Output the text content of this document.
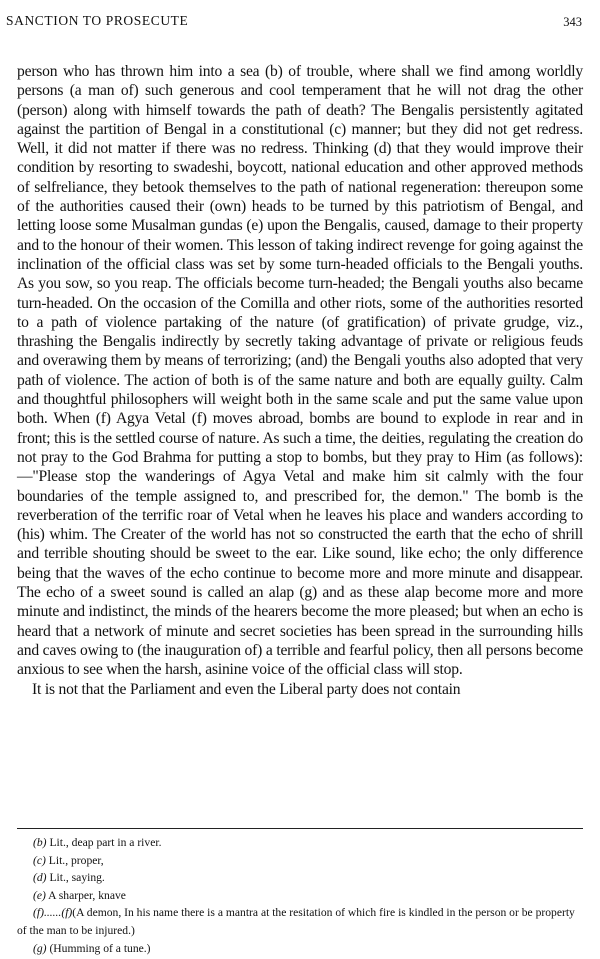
SANCTION TO PROSECUTE	343

person who has thrown him into a sea (b) of trouble, where shall we find among worldly persons (a man of) such generous and cool temperament that he will not drag the other (person) along with himself towards the path of death? The Bengalis persistently agitated against the partition of Bengal in a constitutional (c) manner; but they did not get redress. Well, it did not matter if there was no redress. Thinking (d) that they would improve their condition by resorting to swadeshi, boycott, national education and other approved methods of selfreliance, they betook themselves to the path of national regeneration: thereupon some of the authorities caused their (own) heads to be turned by this patriotism of Bengal, and letting loose some Musalman gundas (e) upon the Bengalis, caused, damage to their property and to the honour of their women. This lesson of taking indirect revenge for going against the inclination of the official class was set by some turn-headed officials to the Bengali youths. As you sow, so you reap. The officials become turn-headed; the Bengali youths also became turn-headed. On the occasion of the Comilla and other riots, some of the authorities resorted to a path of violence partaking of the nature (of gratification) of private grudge, viz., thrashing the Bengalis indirectly by secretly taking advantage of private or religious feuds and overawing them by means of terrorizing; (and) the Bengali youths also adopted that very path of violence. The action of both is of the same nature and both are equally guilty. Calm and thoughtful philosophers will weight both in the same scale and put the same value upon both. When (f) Agya Vetal (f) moves abroad, bombs are bound to explode in rear and in front; this is the settled course of nature. As such a time, the deities, regulating the creation do not pray to the God Brahma for putting a stop to bombs, but they pray to Him (as follows):—"Please stop the wanderings of Agya Vetal and make him sit calmly with the four boundaries of the temple assigned to, and prescribed for, the demon." The bomb is the reverberation of the terrific roar of Vetal when he leaves his place and wanders according to (his) whim. The Creater of the world has not so constructed the earth that the echo of shrill and terrible shouting should be sweet to the ear. Like sound, like echo; the only difference being that the waves of the echo continue to become more and more minute and disappear. The echo of a sweet sound is called an alap (g) and as these alap become more and more minute and indistinct, the minds of the hearers become the more pleased; but when an echo is heard that a network of minute and secret societies has been spread in the surrounding hills and caves owing to (the inauguration of) a terrible and fearful policy, then all persons become anxious to see when the harsh, asinine voice of the official class will stop.

It is not that the Parliament and even the Liberal party does not contain

(b) Lit., deap part in a river.

(c) Lit., proper,

(d) Lit., saying.

(e) A sharper, knave

(f)......(f)(A demon, In his name there is a mantra at the resitation of which fire is kindled in the person or be property of the man to be injured.)

(g) (Humming of a tune.)
